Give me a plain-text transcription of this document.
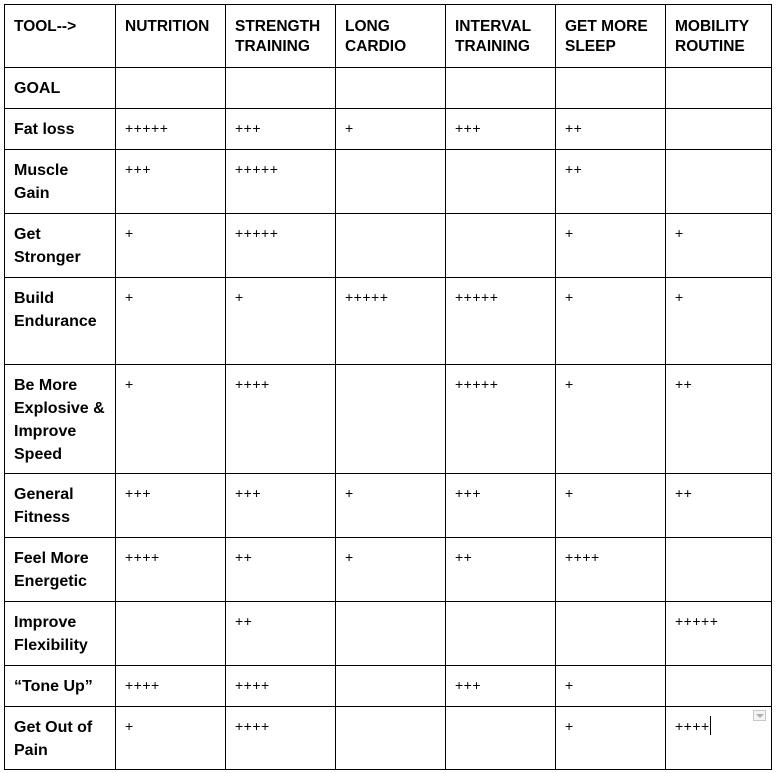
TOOL-->	NUTRITION	STRENGTH TRAINING	LONG CARDIO	INTERVAL TRAINING	GET MORE SLEEP	MOBILITY ROUTINE
GOAL						
Fat loss	+++++	+++	+	+++	++	
Muscle Gain	+++	+++++			++	
Get Stronger	+	+++++			+	+
Build Endurance	+	+	+++++	+++++	+	+
Be More Explosive & Improve Speed	+	++++		+++++	+	++
General Fitness	+++	+++	+	+++	+	++
Feel More Energetic	++++	++	+	++	++++	
Improve Flexibility		++				+++++
“Tone Up”	++++	++++		+++	+	
Get Out of Pain	+	++++			+	++++
